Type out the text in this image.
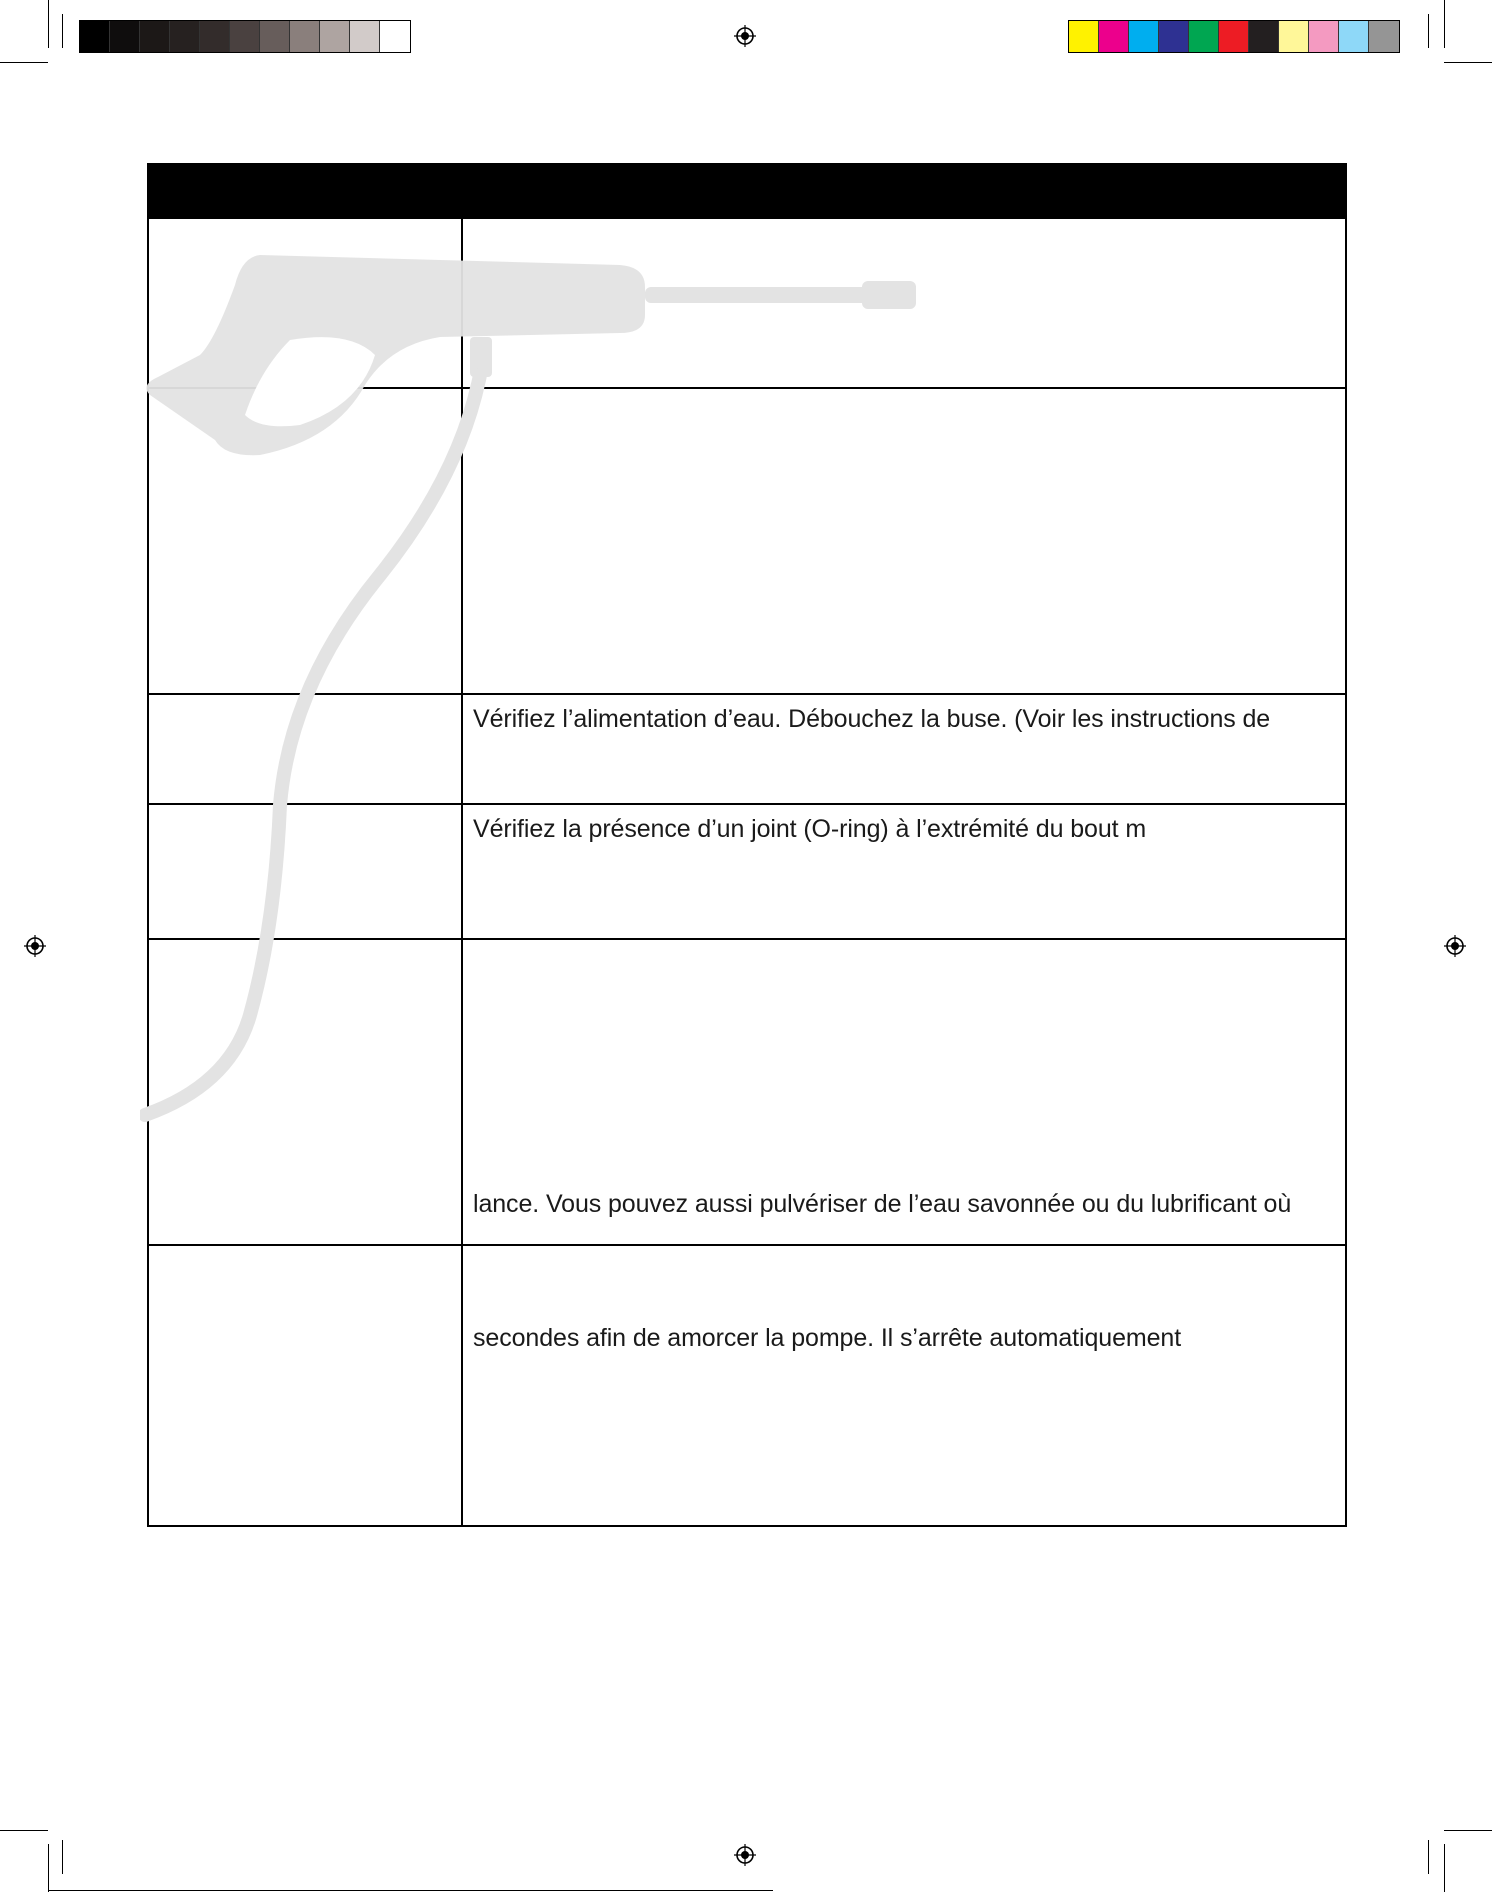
Vérifiez l’alimentation d’eau. Débouchez la buse. (Voir les instructions de
Vérifiez la présence d’un joint (O-ring) à l’extrémité du bout m
lance. Vous pouvez aussi pulvériser de l’eau savonnée ou du lubrificant où
secondes afin de amorcer la pompe. Il s’arrête automatiquement
